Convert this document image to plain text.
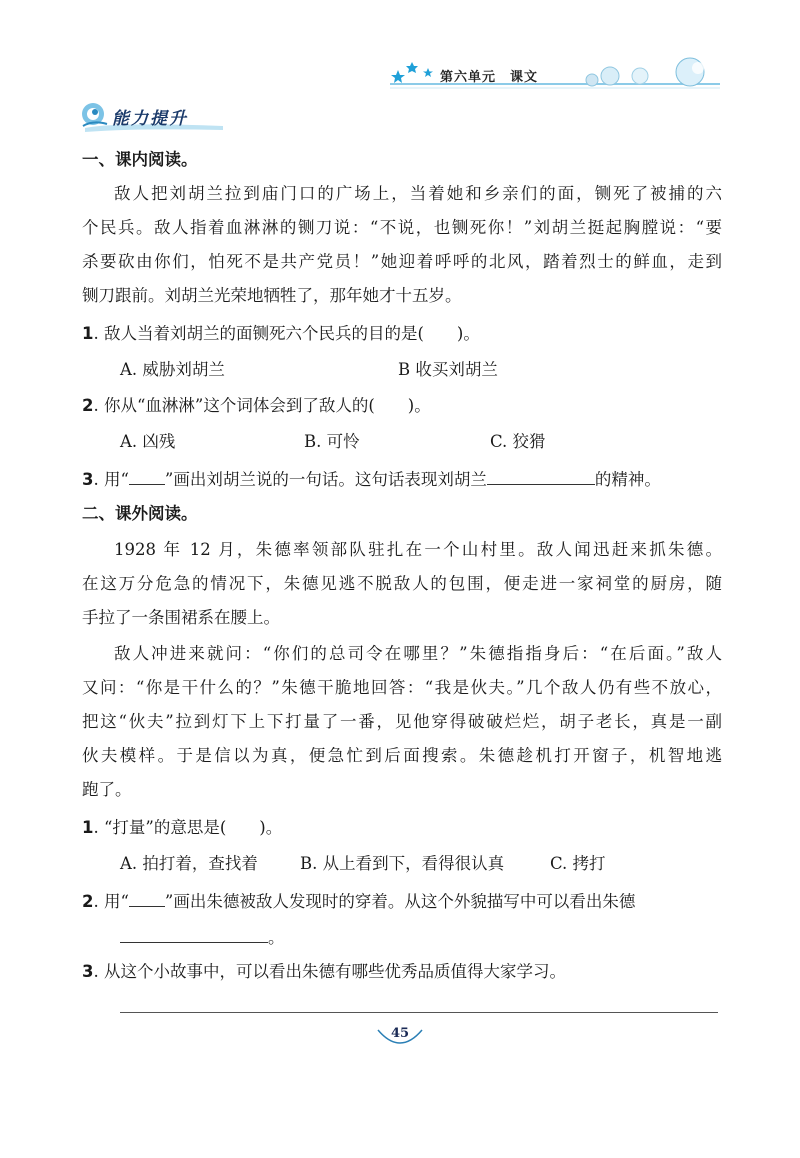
第六单元 课文
能力提升
一、课内阅读。
敌人把刘胡兰拉到庙门口的广场上，当着她和乡亲们的面，铡死了被捕的六
个民兵。敌人指着血淋淋的铡刀说：“不说，也铡死你！”刘胡兰挺起胸膛说：“要
杀要砍由你们，怕死不是共产党员！”她迎着呼呼的北风，踏着烈士的鲜血，走到
铡刀跟前。刘胡兰光荣地牺牲了，那年她才十五岁。
1. 敌人当着刘胡兰的面铡死六个民兵的目的是(　　)。
A. 威胁刘胡兰	B 收买刘胡兰
2. 你从“血淋淋”这个词体会到了敌人的(　　)。
A. 凶残	B. 可怜	C. 狡猾
3. 用“ ”画出刘胡兰说的一句话。这句话表现刘胡兰	的精神。
二、课外阅读。
1928 年 12 月，朱德率领部队驻扎在一个山村里。敌人闻迅赶来抓朱德。
在这万分危急的情况下，朱德见逃不脱敌人的包围，便走进一家祠堂的厨房，随
手拉了一条围裙系在腰上。
敌人冲进来就问：“你们的总司令在哪里？”朱德指指身后：“在后面。”敌人
又问：“你是干什么的？”朱德干脆地回答：“我是伙夫。”几个敌人仍有些不放心，
把这“伙夫”拉到灯下上下打量了一番，见他穿得破破烂烂，胡子老长，真是一副
伙夫模样。于是信以为真，便急忙到后面搜索。朱德趁机打开窗子，机智地逃
跑了。
1. “打量”的意思是(　　)。
A. 拍打着，查找着	B. 从上看到下，看得很认真	C. 拷打
2. 用“ ”画出朱德被敌人发现时的穿着。从这个外貌描写中可以看出朱德
。
3. 从这个小故事中，可以看出朱德有哪些优秀品质值得大家学习。
45
